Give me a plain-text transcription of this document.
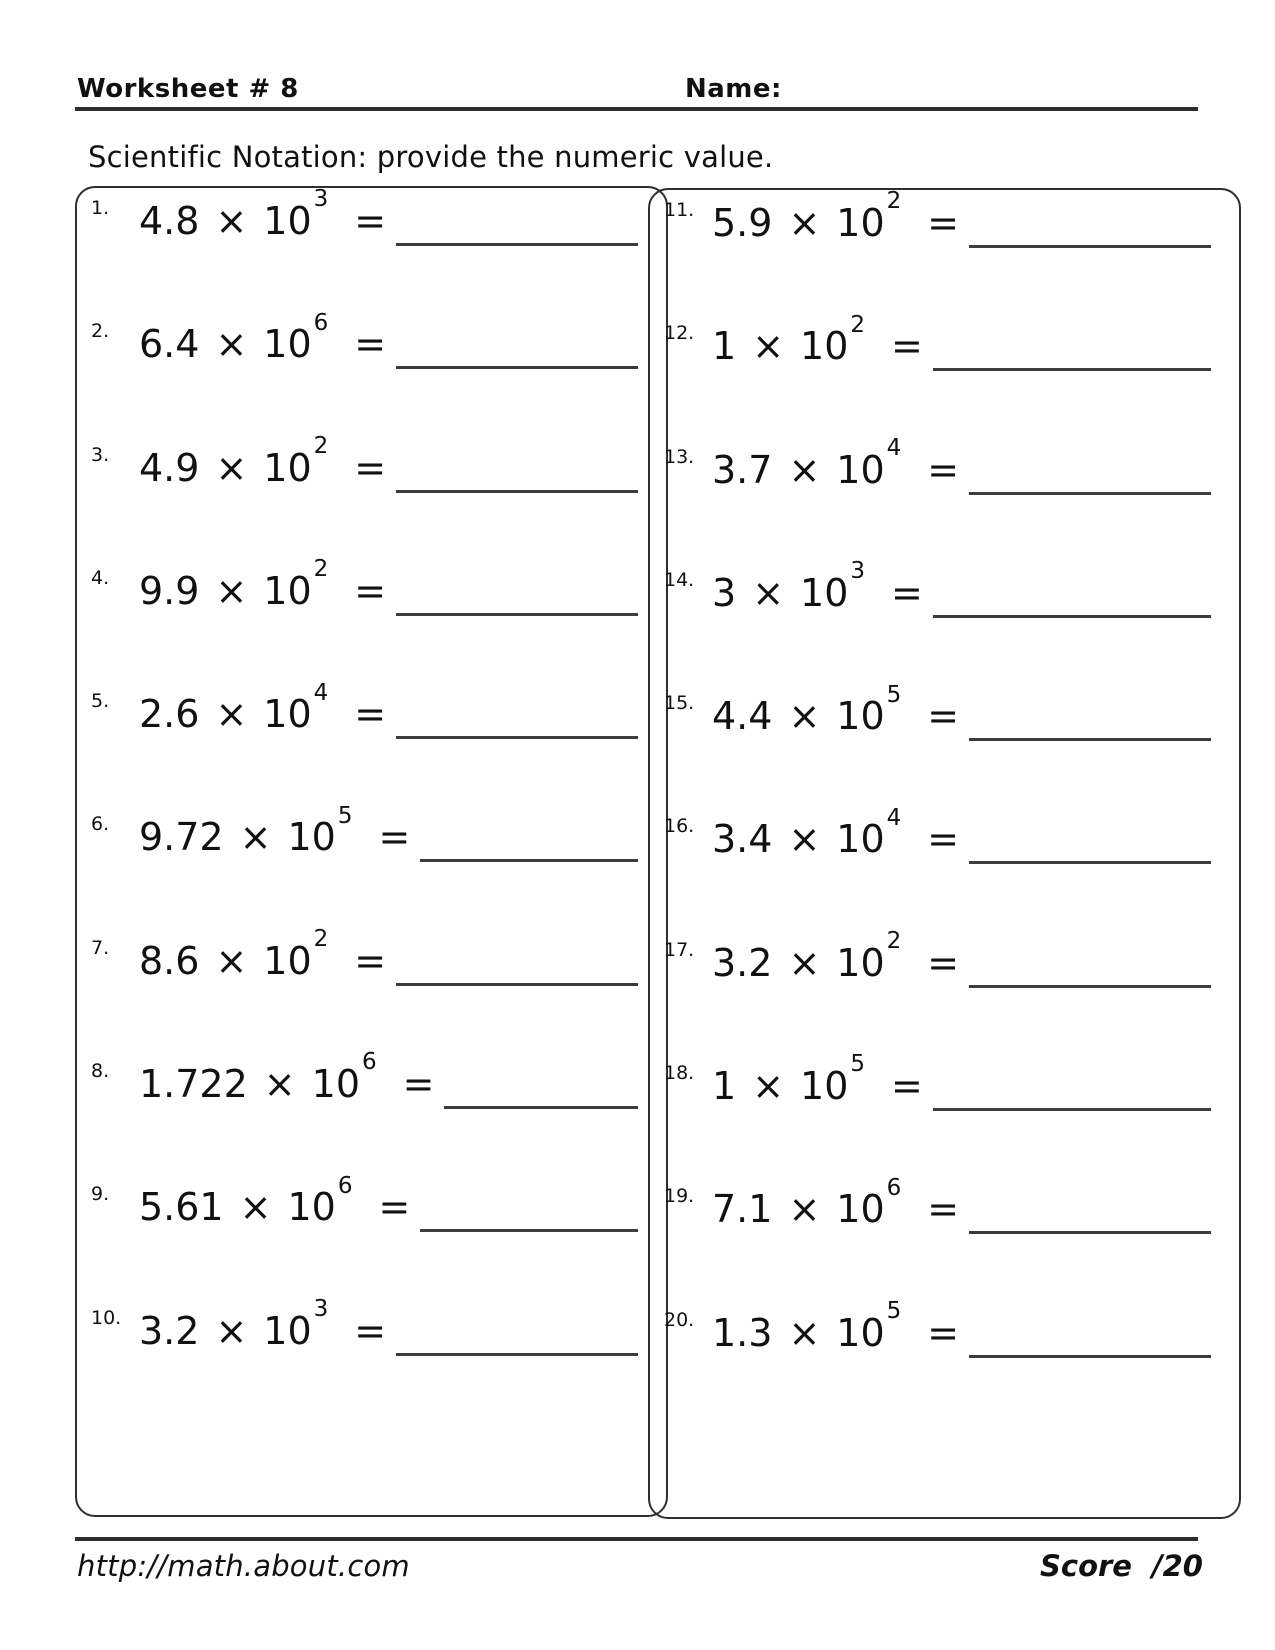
Worksheet # 8	Name:
Scientific Notation: provide the numeric value.
1. $4.8 \times 10^3$ =
2. $6.4 \times 10^6$ =
3. $4.9 \times 10^2$ =
4. $9.9 \times 10^2$ =
5. $2.6 \times 10^4$ =
6. $9.72 \times 10^5$ =
7. $8.6 \times 10^2$ =
8. $1.722 \times 10^6$ =
9. $5.61 \times 10^6$ =
10. $3.2 \times 10^3$ =
11. $5.9 \times 10^2$ =
12. $1 \times 10^2$ =
13. $3.7 \times 10^4$ =
14. $3 \times 10^3$ =
15. $4.4 \times 10^5$ =
16. $3.4 \times 10^4$ =
17. $3.2 \times 10^2$ =
18. $1 \times 10^5$ =
19. $7.1 \times 10^6$ =
20. $1.3 \times 10^5$ =
http://math.about.com	Score /20
